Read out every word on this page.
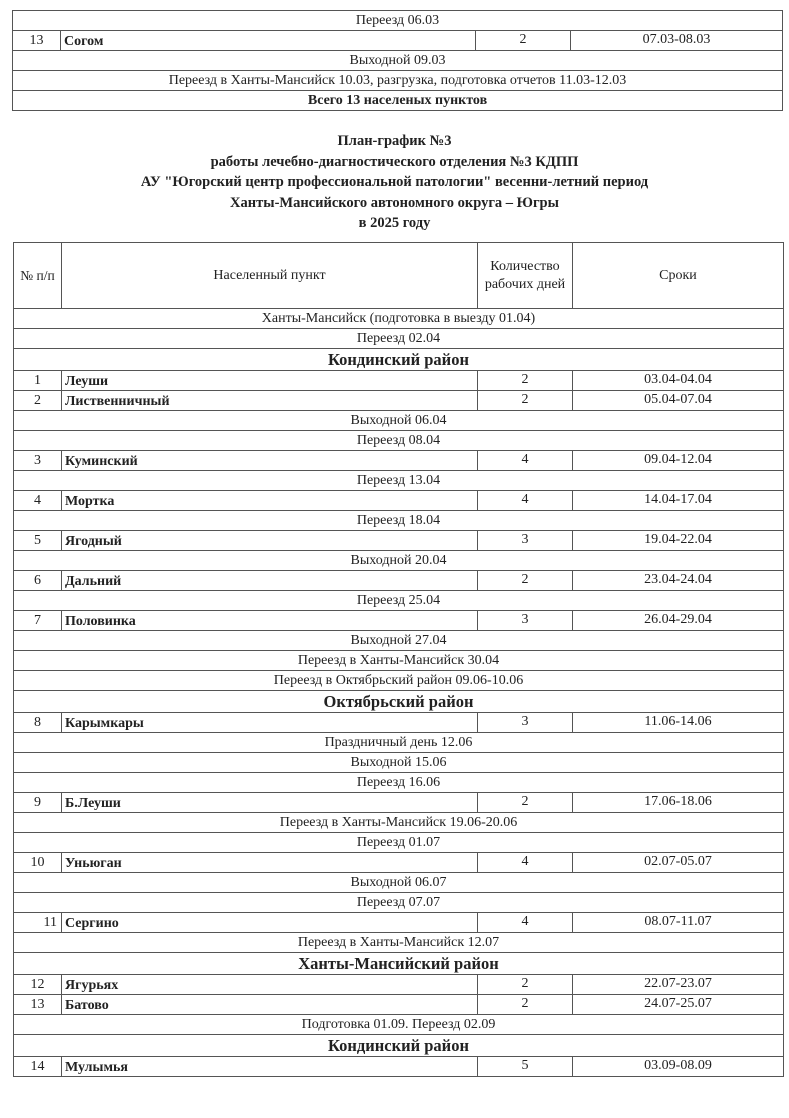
Переезд 06.03
13	Согом	2	07.03-08.03
Выходной 09.03
Переезд в Ханты-Мансийск 10.03, разгрузка, подготовка отчетов 11.03-12.03
Всего 13 населеных пунктов
План-график №3
работы лечебно-диагностического отделения №3 КДПП
АУ "Югорский центр профессиональной патологии" весенни-летний период
Ханты-Мансийского автономного округа – Югры
в 2025 году
№ п/п	Населенный пункт	Количество рабочих дней	Сроки
Ханты-Мансийск (подготовка в выезду 01.04)			
Переезд 02.04			
Кондинский район			
1	Леуши	2	03.04-04.04
2	Лиственничный	2	05.04-07.04
Выходной 06.04			
Переезд 08.04			
3	Куминский	4	09.04-12.04
Переезд 13.04			
4	Мортка	4	14.04-17.04
Переезд 18.04			
5	Ягодный	3	19.04-22.04
Выходной 20.04			
6	Дальний	2	23.04-24.04
Переезд 25.04			
7	Половинка	3	26.04-29.04
Выходной 27.04			
Переезд в Ханты-Мансийск 30.04			
Переезд в Октябрьский район 09.06-10.06			
Октябрьский район			
8	Карымкары	3	11.06-14.06
Праздничный день 12.06			
Выходной 15.06			
Переезд 16.06			
9	Б.Леуши	2	17.06-18.06
Переезд в Ханты-Мансийск 19.06-20.06			
Переезд 01.07			
10	Уньюган	4	02.07-05.07
Выходной 06.07			
Переезд 07.07			
11	Сергино	4	08.07-11.07
Переезд в Ханты-Мансийск 12.07			
Ханты-Мансийский район			
12	Ягурьях	2	22.07-23.07
13	Батово	2	24.07-25.07
Подготовка 01.09. Переезд 02.09			
Кондинский район			
14	Мулымья	5	03.09-08.09
